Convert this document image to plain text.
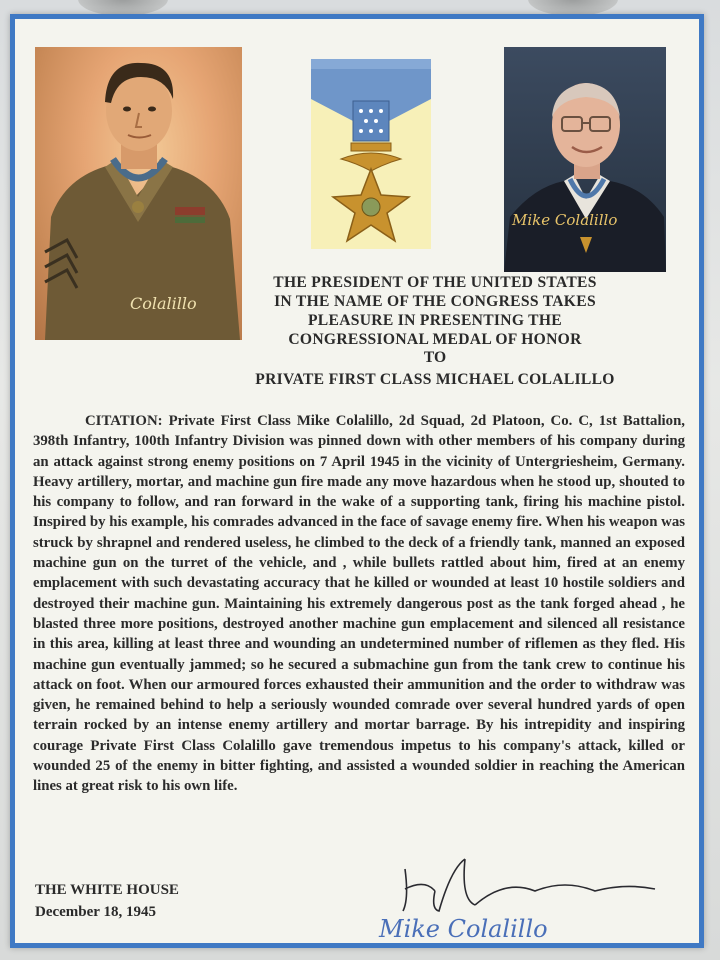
Colalillo
Mike Colalillo
THE PRESIDENT OF THE UNITED STATES
IN THE NAME OF THE CONGRESS TAKES
PLEASURE IN PRESENTING THE
CONGRESSIONAL MEDAL OF HONOR
TO
PRIVATE FIRST CLASS MICHAEL COLALILLO
CITATION: Private First Class Mike Colalillo, 2d Squad, 2d Platoon, Co. C, 1st Battalion, 398th Infantry, 100th Infantry Division was pinned down with other members of his company during an attack against strong enemy positions on 7 April 1945 in the vicinity of Untergriesheim, Germany. Heavy artillery, mortar, and machine gun fire made any move hazardous when he stood up, shouted to his company to follow, and ran forward in the wake of a supporting tank, firing his machine pistol. Inspired by his example, his comrades advanced in the face of savage enemy fire. When his weapon was struck by shrapnel and rendered useless, he climbed to the deck of a friendly tank, manned an exposed machine gun on the turret of the vehicle, and , while bullets rattled about him, fired at an enemy emplacement with such devastating accuracy that he killed or wounded at least 10 hostile soldiers and destroyed their machine gun. Maintaining his extremely dangerous post as the tank forged ahead , he blasted three more positions, destroyed another machine gun emplacement and silenced all resistance in this area, killing at least three and wounding an undetermined number of riflemen as they fled. His machine gun eventually jammed; so he secured a submachine gun from the tank crew to continue his attack on foot. When our armoured forces exhausted their ammunition and the order to withdraw was given, he remained behind to help a seriously wounded comrade over several hundred yards of open terrain rocked by an intense enemy artillery and mortar barrage. By his intrepidity and inspiring courage Private First Class Colalillo gave tremendous impetus to his company's attack, killed or wounded 25 of the enemy in bitter fighting, and assisted a wounded soldier in reaching the American lines at great risk to his own life.
THE WHITE HOUSE
December 18, 1945
Mike Colalillo
